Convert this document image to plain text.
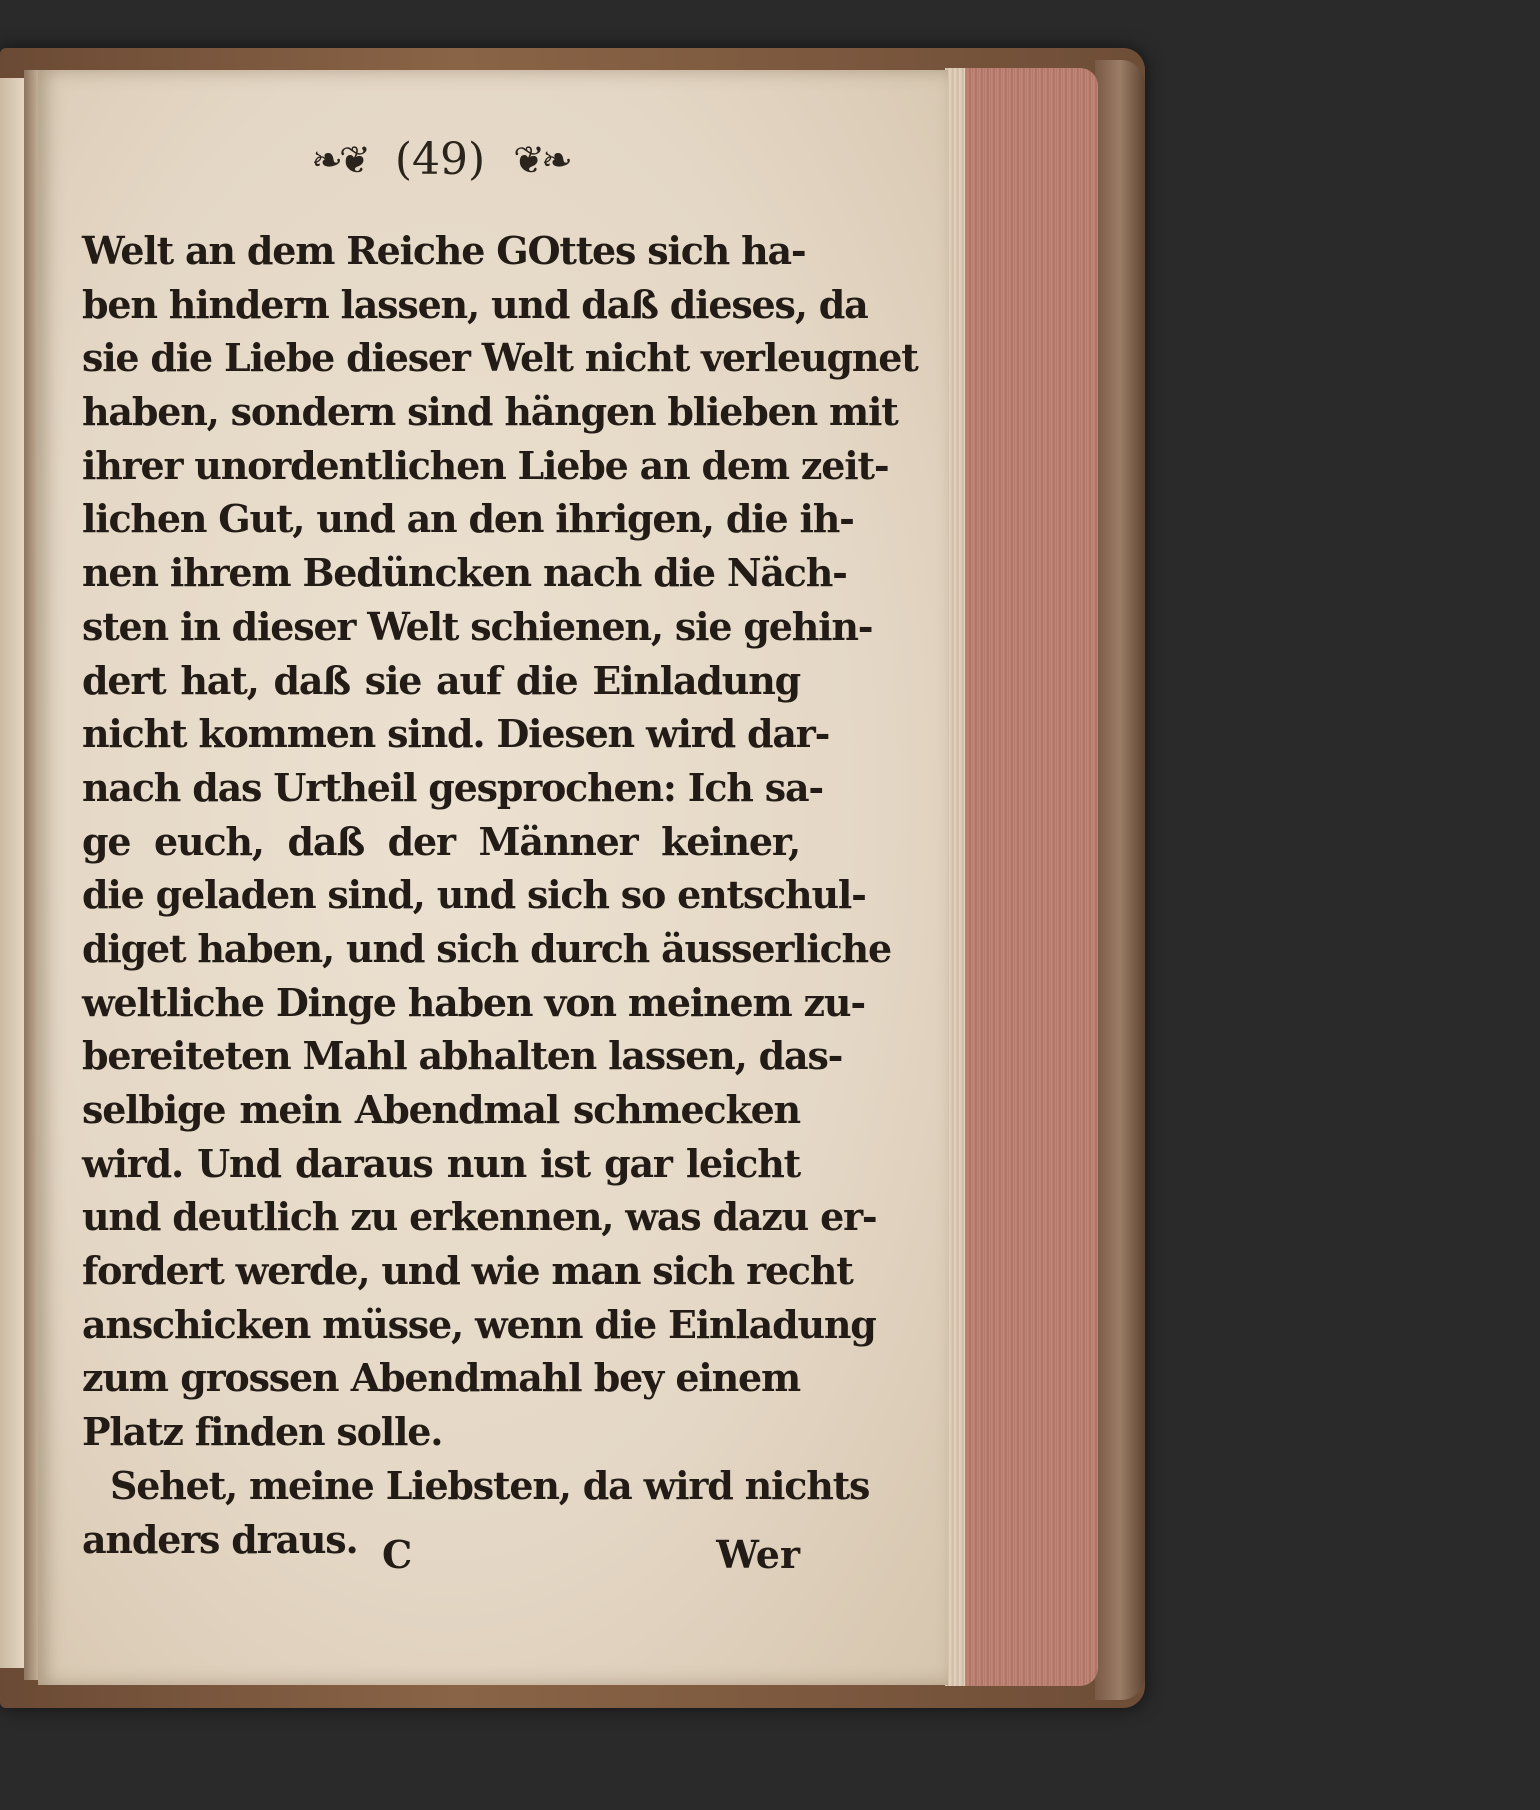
❧❦ (49) ❦❧
Welt an dem Reiche GOttes sich ha-
ben hindern lassen, und daß dieses, da
sie die Liebe dieser Welt nicht verleugnet
haben, sondern sind hängen blieben mit
ihrer unordentlichen Liebe an dem zeit-
lichen Gut, und an den ihrigen, die ih-
nen ihrem Bedüncken nach die Näch-
sten in dieser Welt schienen, sie gehin-
dert hat, daß sie auf die Einladung
nicht kommen sind. Diesen wird dar-
nach das Urtheil gesprochen: Ich sa-
ge euch, daß der Männer keiner,
die geladen sind, und sich so entschul-
diget haben, und sich durch äusserliche
weltliche Dinge haben von meinem zu-
bereiteten Mahl abhalten lassen, das-
selbige mein Abendmal schmecken
wird. Und daraus nun ist gar leicht
und deutlich zu erkennen, was dazu er-
fordert werde, und wie man sich recht
anschicken müsse, wenn die Einladung
zum grossen Abendmahl bey einem
Platz finden solle.
Sehet, meine Liebsten, da wird nichts
anders draus. C	Wer
